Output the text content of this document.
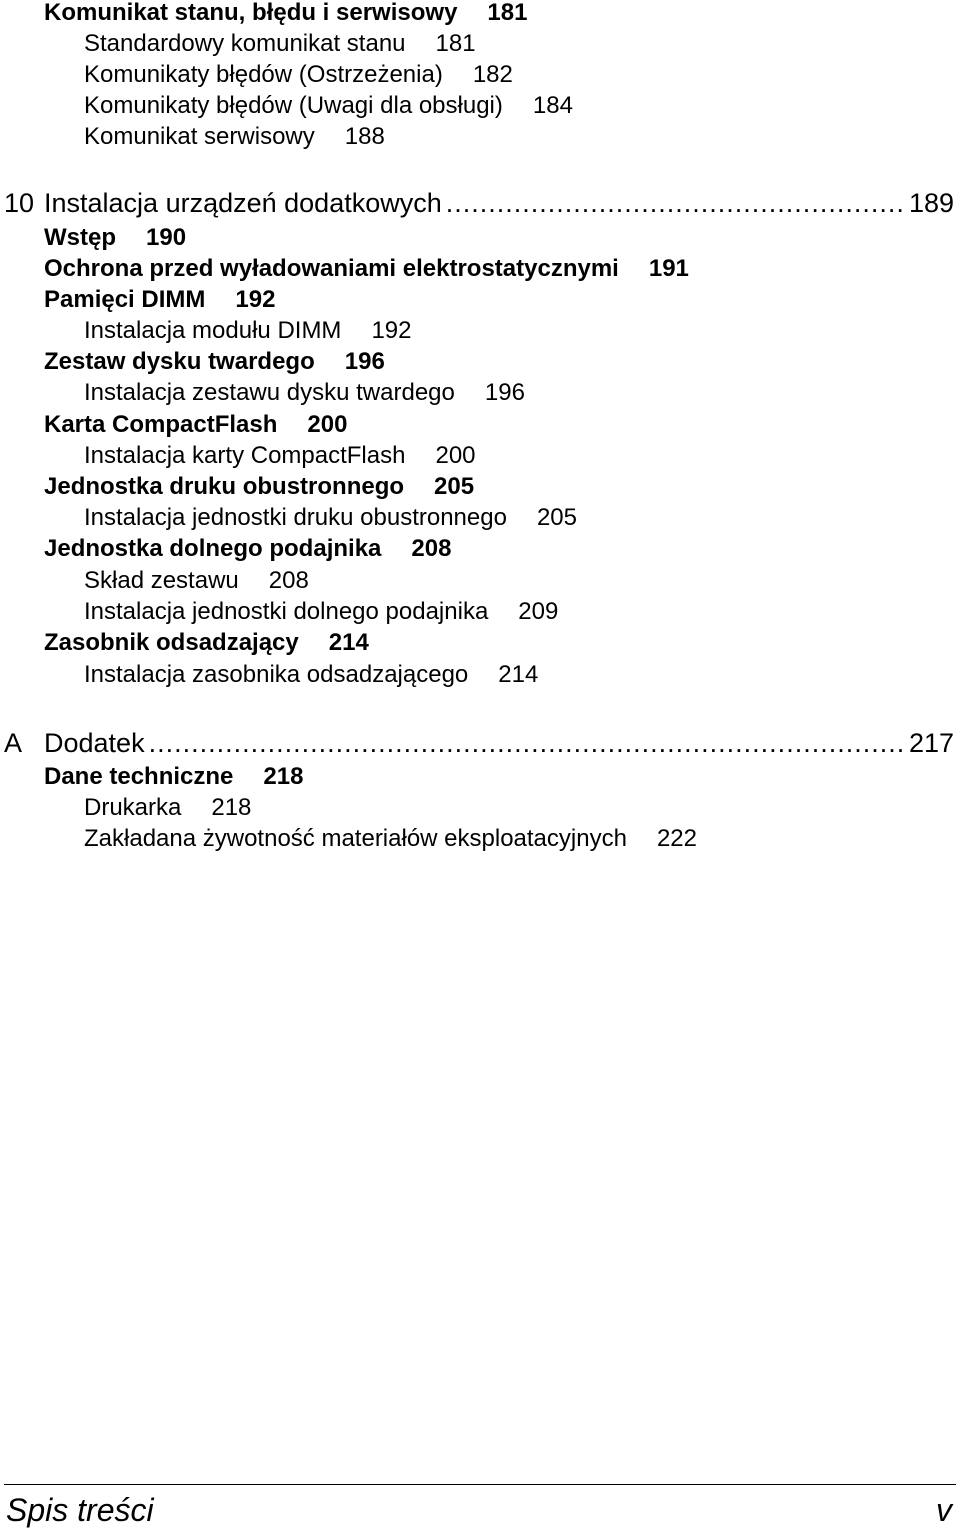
Komunikat stanu, błędu i serwisowy 181
Standardowy komunikat stanu 181
Komunikaty błędów (Ostrzeżenia) 182
Komunikaty błędów (Uwagi dla obsługi) 184
Komunikat serwisowy 188
10 Instalacja urządzeń dodatkowych .....	189
Wstęp 190
Ochrona przed wyładowaniami elektrostatycznymi 191
Pamięci DIMM 192
Instalacja modułu DIMM 192
Zestaw dysku twardego 196
Instalacja zestawu dysku twardego 196
Karta CompactFlash 200
Instalacja karty CompactFlash 200
Jednostka druku obustronnego 205
Instalacja jednostki druku obustronnego 205
Jednostka dolnego podajnika 208
Skład zestawu 208
Instalacja jednostki dolnego podajnika 209
Zasobnik odsadzający 214
Instalacja zasobnika odsadzającego 214
A Dodatek .....	217
Dane techniczne 218
Drukarka 218
Zakładana żywotność materiałów eksploatacyjnych 222
Spis treści	v
